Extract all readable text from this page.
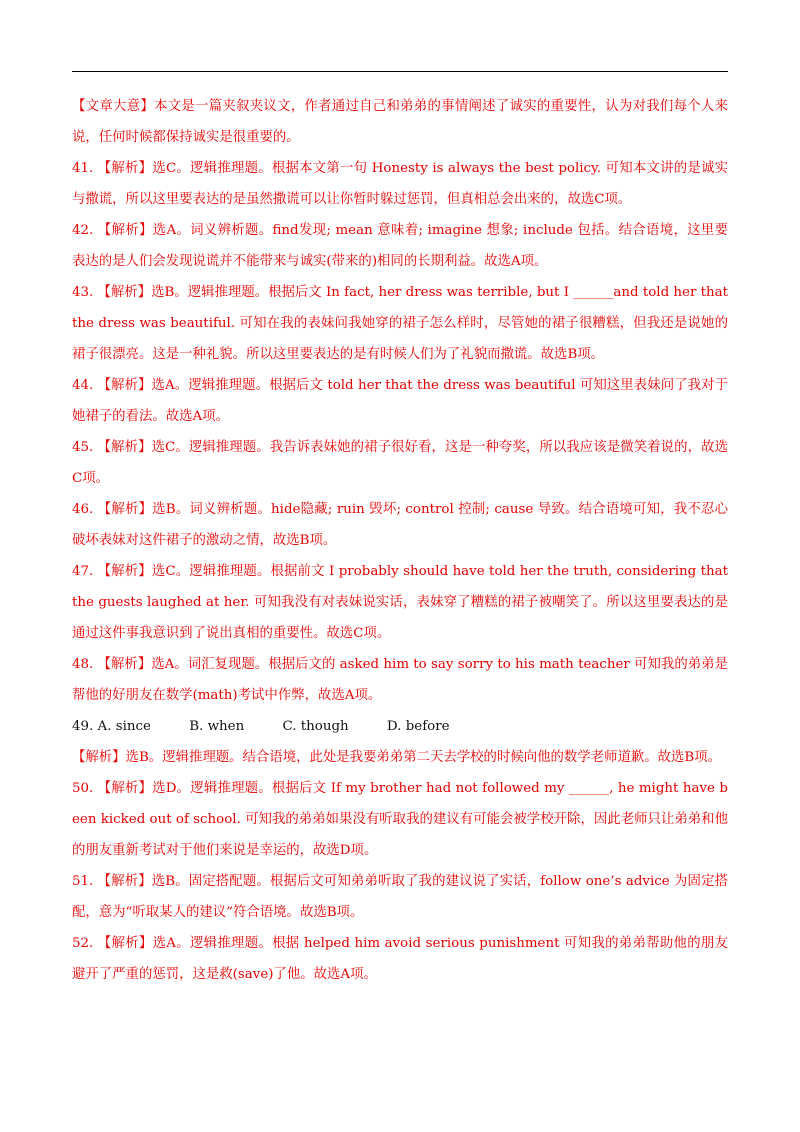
【文章大意】本文是一篇夹叙夹议文，作者通过自己和弟弟的事情阐述了诚实的重要性，认为对我们每个人来说，任何时候都保持诚实是很重要的。

41. 【解析】选C。逻辑推理题。根据本文第一句 Honesty is always the best policy. 可知本文讲的是诚实与撒谎，所以这里要表达的是虽然撒谎可以让你暂时躲过惩罚，但真相总会出来的，故选C项。

42. 【解析】选A。词义辨析题。find发现; mean 意味着; imagine 想象; include 包括。结合语境，这里要表达的是人们会发现说谎并不能带来与诚实(带来的)相同的长期利益。故选A项。

43. 【解析】选B。逻辑推理题。根据后文 In fact, her dress was terrible, but I ______and told her that the dress was beautiful. 可知在我的表妹问我她穿的裙子怎么样时，尽管她的裙子很糟糕，但我还是说她的裙子很漂亮。这是一种礼貌。所以这里要表达的是有时候人们为了礼貌而撒谎。故选B项。

44. 【解析】选A。逻辑推理题。根据后文 told her that the dress was beautiful 可知这里表妹问了我对于她裙子的看法。故选A项。

45. 【解析】选C。逻辑推理题。我告诉表妹她的裙子很好看，这是一种夸奖，所以我应该是微笑着说的，故选C项。

46. 【解析】选B。词义辨析题。hide隐藏; ruin 毁坏; control 控制; cause 导致。结合语境可知，我不忍心破坏表妹对这件裙子的激动之情，故选B项。

47. 【解析】选C。逻辑推理题。根据前文 I probably should have told her the truth, considering that the guests laughed at her. 可知我没有对表妹说实话，表妹穿了糟糕的裙子被嘲笑了。所以这里要表达的是通过这件事我意识到了说出真相的重要性。故选C项。

48. 【解析】选A。词汇复现题。根据后文的 asked him to say sorry to his math teacher 可知我的弟弟是帮他的好朋友在数学(math)考试中作弊，故选A项。

49. A. since	B. when	C. though	D. before

【解析】选B。逻辑推理题。结合语境，此处是我要弟弟第二天去学校的时候向他的数学老师道歉。故选B项。

50. 【解析】选D。逻辑推理题。根据后文 If my brother had not followed my ______, he might have been kicked out of school. 可知我的弟弟如果没有听取我的建议有可能会被学校开除，因此老师只让弟弟和他的朋友重新考试对于他们来说是幸运的，故选D项。

51. 【解析】选B。固定搭配题。根据后文可知弟弟听取了我的建议说了实话，follow one’s advice 为固定搭配，意为“听取某人的建议”符合语境。故选B项。

52. 【解析】选A。逻辑推理题。根据 helped him avoid serious punishment 可知我的弟弟帮助他的朋友避开了严重的惩罚，这是救(save)了他。故选A项。
